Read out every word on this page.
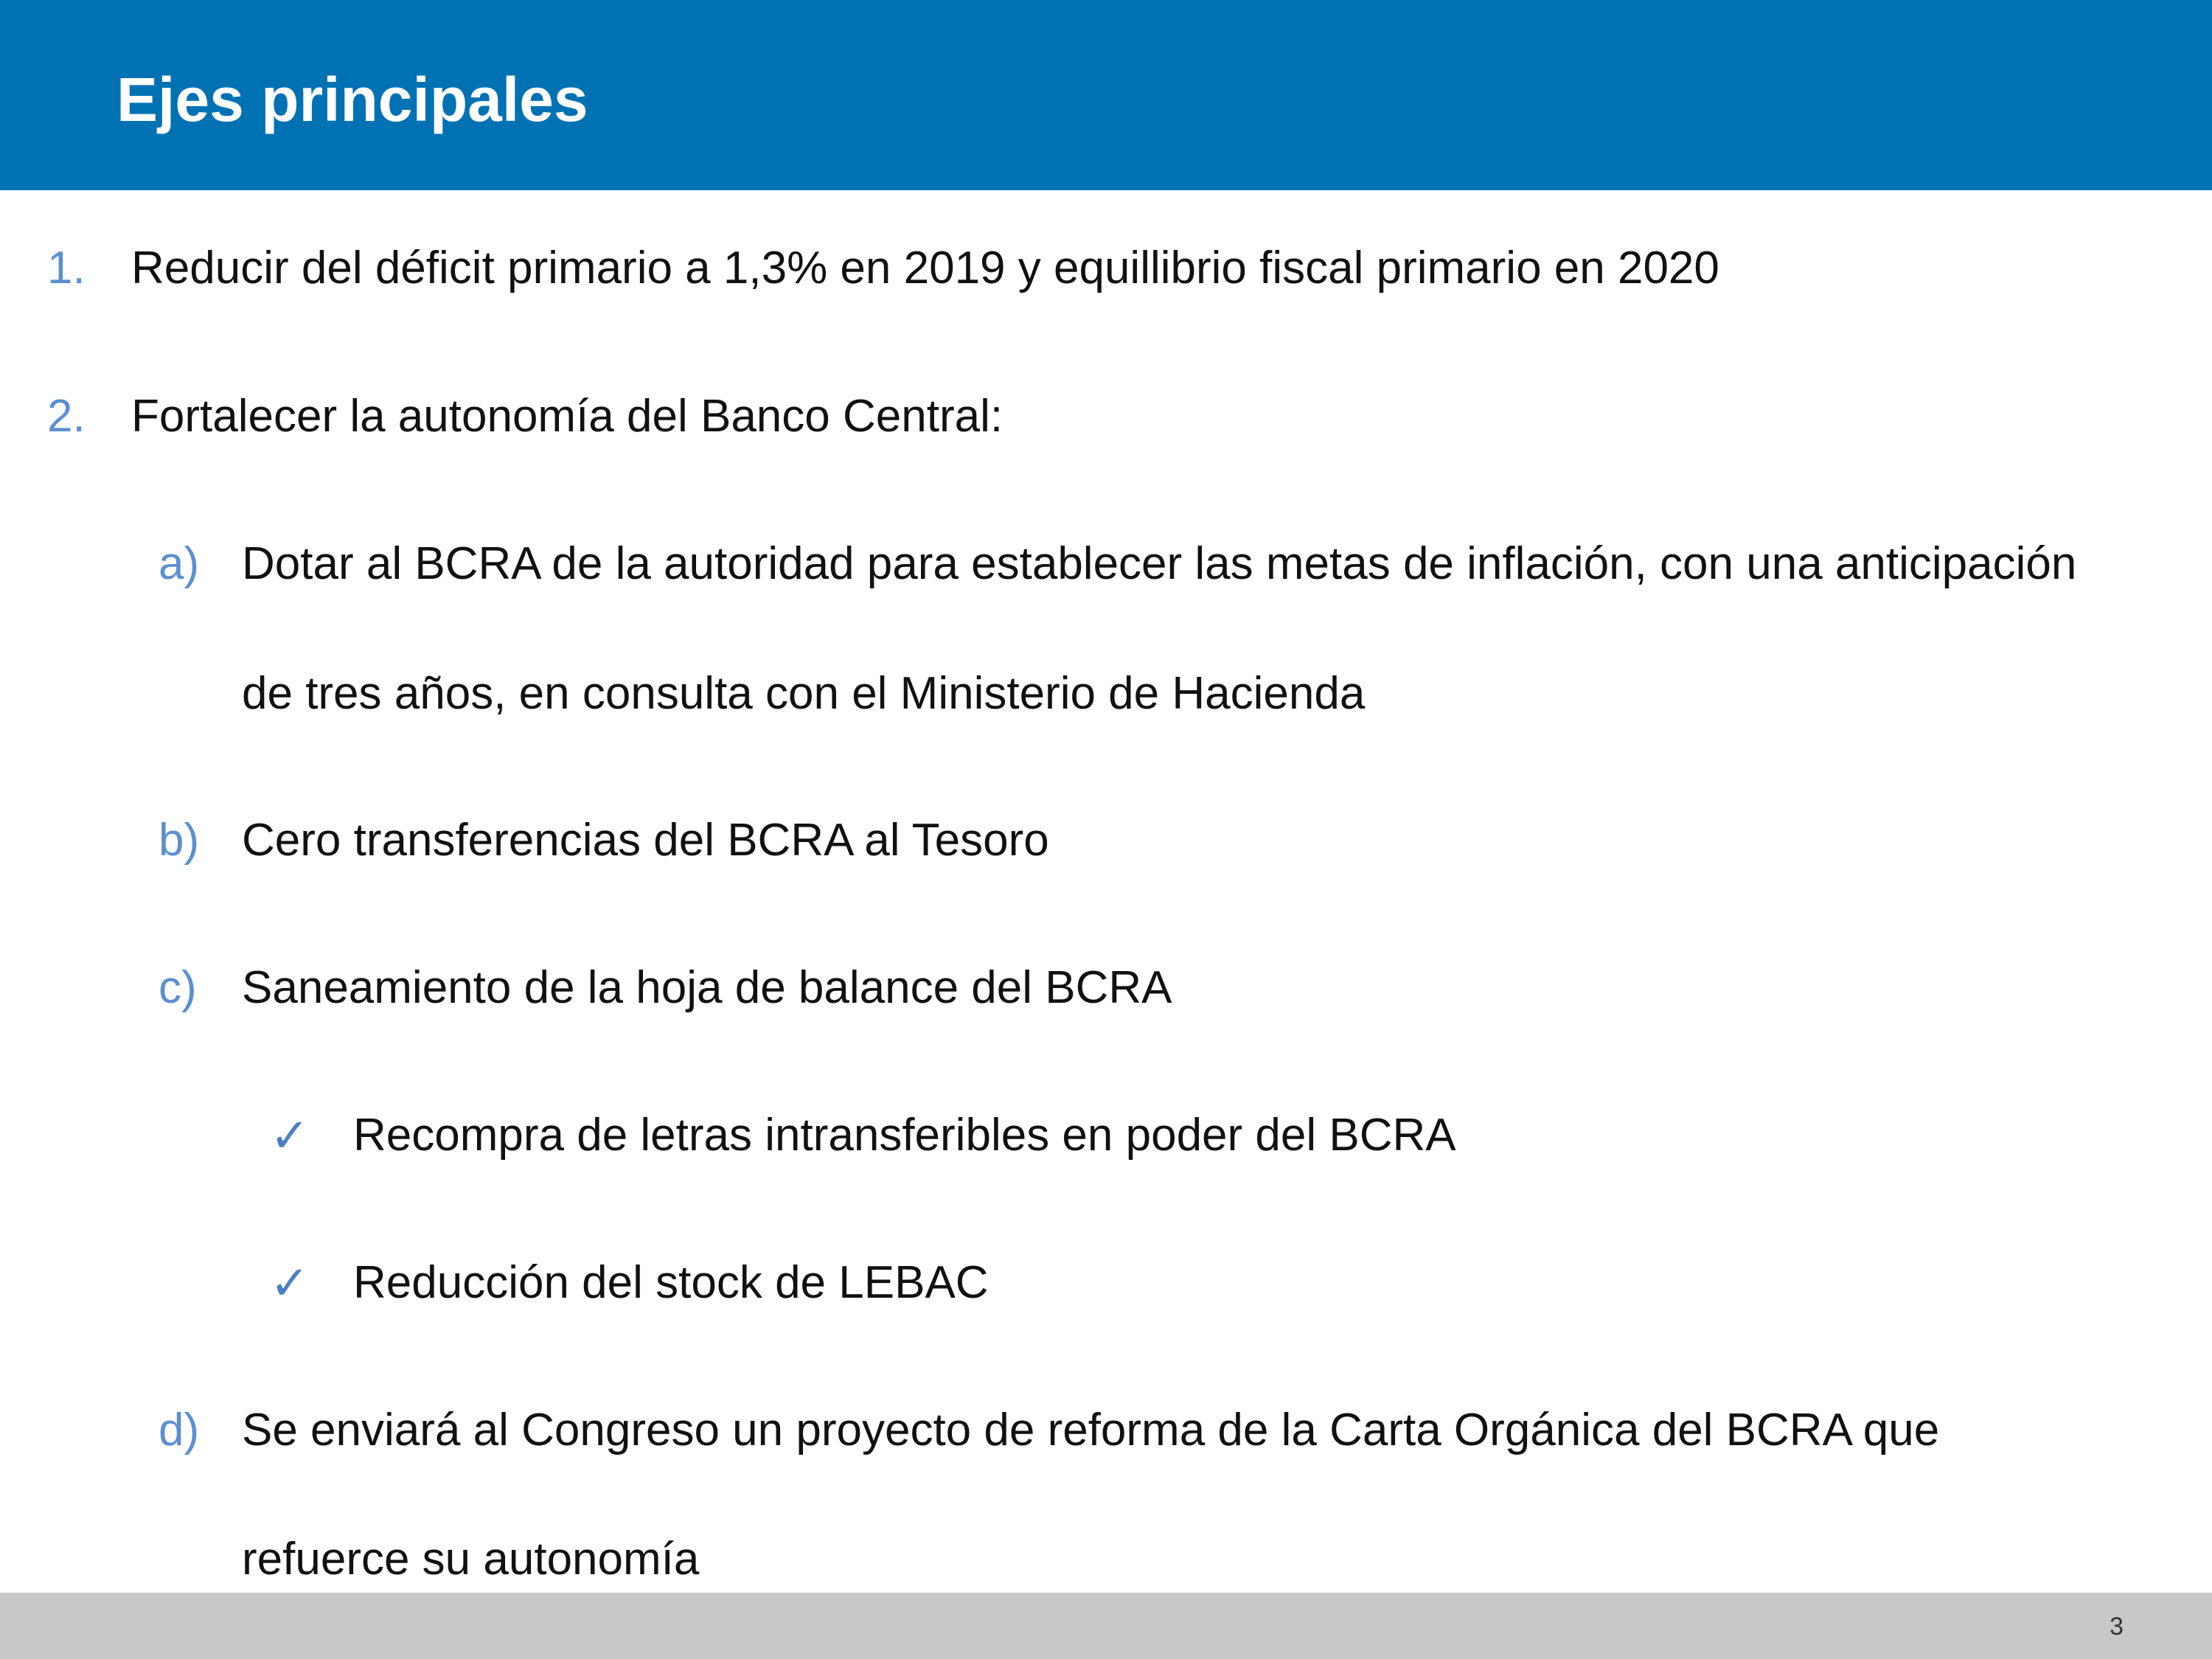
Ejes principales
1. Reducir del déficit primario a 1,3% en 2019 y equillibrio fiscal primario en 2020
2. Fortalecer la autonomía del Banco Central:
a) Dotar al BCRA de la autoridad para establecer las metas de inflación, con una anticipación
de tres años, en consulta con el Ministerio de Hacienda
b) Cero transferencias del BCRA al Tesoro
c) Saneamiento de la hoja de balance del BCRA
✓ Recompra de letras intransferibles en poder del BCRA
✓ Reducción del stock de LEBAC
d) Se enviará al Congreso un proyecto de reforma de la Carta Orgánica del BCRA que
refuerce su autonomía
3
